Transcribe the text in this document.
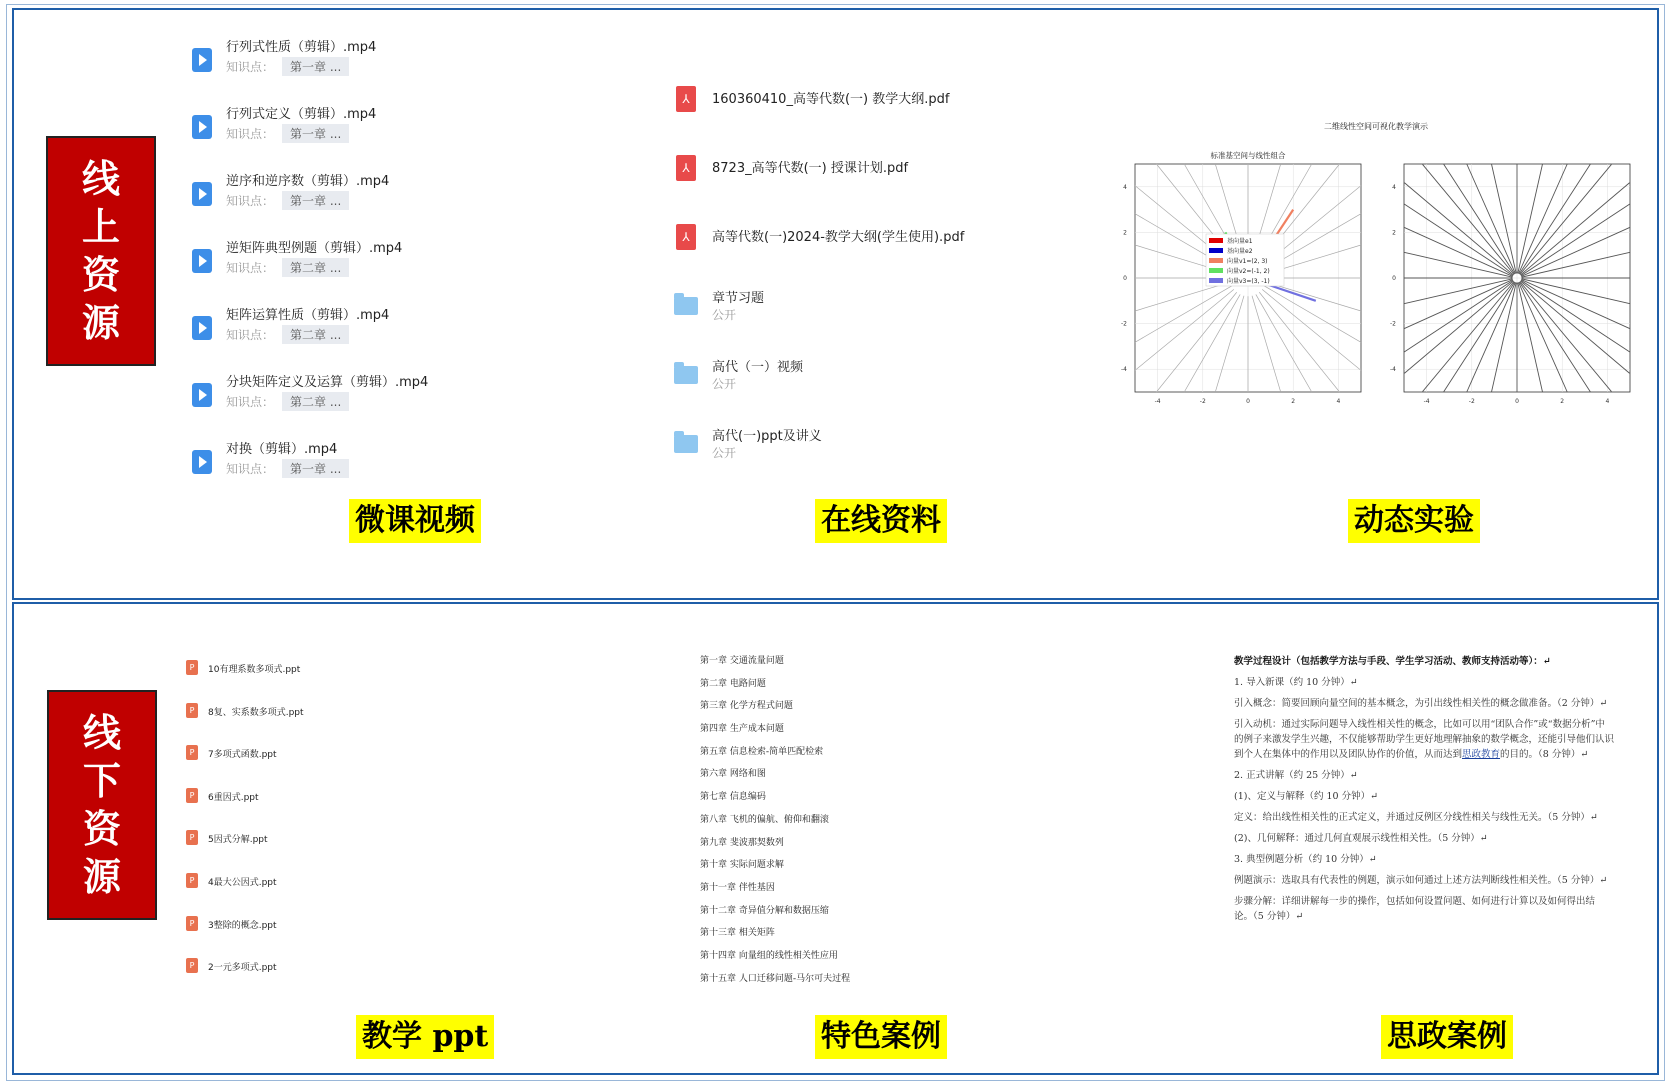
线
上
资
源
行列式性质（剪辑）.mp4
知识点： 第一章 ...
行列式定义（剪辑）.mp4
知识点： 第一章 ...
逆序和逆序数（剪辑）.mp4
知识点： 第一章 ...
逆矩阵典型例题（剪辑）.mp4
知识点： 第二章 ...
矩阵运算性质（剪辑）.mp4
知识点： 第二章 ...
分块矩阵定义及运算（剪辑）.mp4
知识点： 第二章 ...
对换（剪辑）.mp4
知识点： 第一章 ...
⅄	160360410_高等代数(一) 教学大纲.pdf
⅄	8723_高等代数(一) 授课计划.pdf
⅄	高等代数(一)2024-教学大纲(学生使用).pdf
章节习题
公开
高代（一）视频
公开
高代(一)ppt及讲义
公开
二维线性空间可视化教学演示
标准基空间与线性组合
-4	-2	0	2	4
4
2
0
-2
-4
-4	-2	0	2	4
4
2
0
-2
-4
基向量e1
基向量e2
向量v1=(2, 3)
向量v2=(-1, 2)
向量v3=(3, -1)
微课视频	在线资料	动态实验
线
下
资
源
P	10有理系数多项式.ppt
P	8复、实系数多项式.ppt
P	7多项式函数.ppt
P	6重因式.ppt
P	5因式分解.ppt
P	4最大公因式.ppt
P	3整除的概念.ppt
P	2一元多项式.ppt
第一章 交通流量问题
第二章 电路问题
第三章 化学方程式问题
第四章 生产成本问题
第五章 信息检索-简单匹配检索
第六章 网络和图
第七章 信息编码
第八章 飞机的偏航、俯仰和翻滚
第九章 斐波那契数列
第十章 实际问题求解
第十一章 伴性基因
第十二章 奇异值分解和数据压缩
第十三章 相关矩阵
第十四章 向量组的线性相关性应用
第十五章 人口迁移问题-马尔可夫过程

教学过程设计（包括教学方法与手段、学生学习活动、教师支持活动等）：↵

1. 导入新课（约 10 分钟）↵

引入概念：简要回顾向量空间的基本概念，为引出线性相关性的概念做准备。（2 分钟）↵

引入动机：通过实际问题导入线性相关性的概念，比如可以用“团队合作”或“数据分析”中的例子来激发学生兴趣，不仅能够帮助学生更好地理解抽象的数学概念，还能引导他们认识到个人在集体中的作用以及团队协作的价值，从而达到思政教育的目的。（8 分钟）↵

2. 正式讲解（约 25 分钟）↵

(1)、定义与解释（约 10 分钟）↵

定义：给出线性相关性的正式定义，并通过反例区分线性相关与线性无关。（5 分钟）↵

(2)、几何解释：通过几何直观展示线性相关性。（5 分钟）↵

3. 典型例题分析（约 10 分钟）↵

例题演示：选取具有代表性的例题，演示如何通过上述方法判断线性相关性。（5 分钟）↵

步骤分解：详细讲解每一步的操作，包括如何设置问题、如何进行计算以及如何得出结论。（5 分钟）↵

教学 ppt	特色案例	思政案例
